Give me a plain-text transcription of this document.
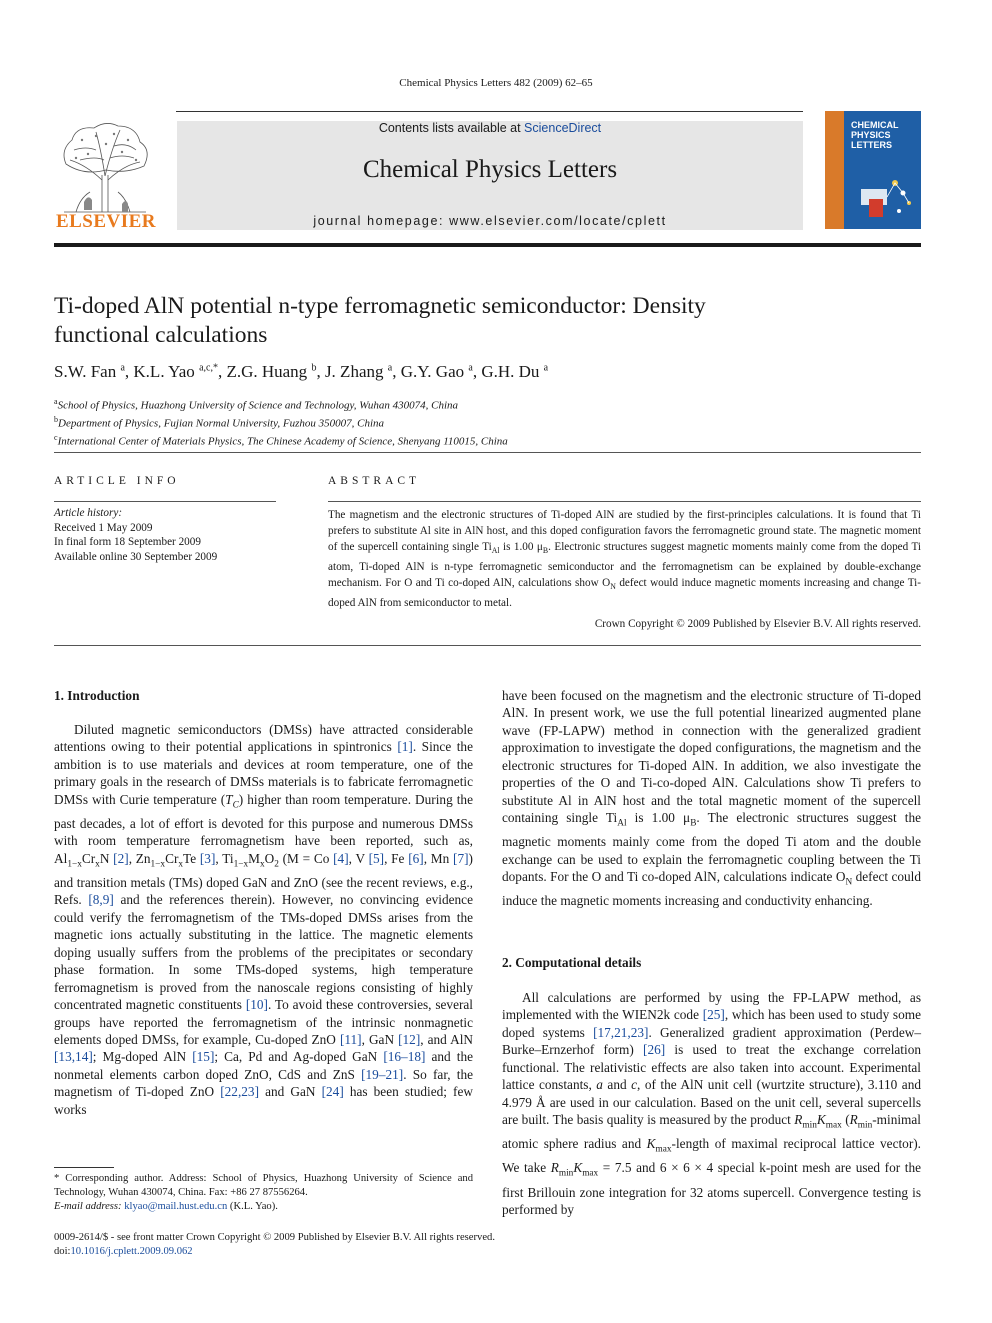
Chemical Physics Letters 482 (2009) 62–65
ELSEVIER
Contents lists available at ScienceDirect
Chemical Physics Letters
journal homepage: www.elsevier.com/locate/cplett
CHEMICAL
PHYSICS
LETTERS
Ti-doped AlN potential n-type ferromagnetic semiconductor: Density
functional calculations
S.W. Fan $^a$, K.L. Yao $^{a,c,*}$, Z.G. Huang $^b$, J. Zhang $^a$, G.Y. Gao $^a$, G.H. Du $^a$
$^a$School of Physics, Huazhong University of Science and Technology, Wuhan 430074, China
$^b$Department of Physics, Fujian Normal University, Fuzhou 350007, China
$^c$International Center of Materials Physics, The Chinese Academy of Science, Shenyang 110015, China
ARTICLE INFO	ABSTRACT
Article history:
Received 1 May 2009
In final form 18 September 2009
Available online 30 September 2009
The magnetism and the electronic structures of Ti-doped AlN are studied by the first-principles calculations. It is found that Ti prefers to substitute Al site in AlN host, and this doped configuration favors the ferromagnetic ground state. The magnetic moment of the supercell containing single $Ti_{Al}$ is 1.00 $\mu_B$. Electronic structures suggest magnetic moments mainly come from the doped Ti atom, Ti-doped AlN is n-type ferromagnetic semiconductor and the ferromagnetism can be explained by double-exchange mechanism. For O and Ti co-doped AlN, calculations show $O_N$ defect would induce magnetic moments increasing and change Ti-doped AlN from semiconductor to metal.
Crown Copyright © 2009 Published by Elsevier B.V. All rights reserved.
1. Introduction
Diluted magnetic semiconductors (DMSs) have attracted considerable attentions owing to their potential applications in spintronics [1]. Since the ambition is to use materials and devices at room temperature, one of the primary goals in the research of DMSs materials is to fabricate ferromagnetic DMSs with Curie temperature $(T_C)$ higher than room temperature. During the past decades, a lot of effort is devoted for this purpose and numerous DMSs with room temperature ferromagnetism have been reported, such as, $Al_{1-x}Cr_xN$ [2], $Zn_{1-x}Cr_xTe$ [3], $Ti_{1-x}M_xO_2$ (M = Co [4], V [5], Fe [6], Mn [7]) and transition metals (TMs) doped GaN and ZnO (see the recent reviews, e.g., Refs. [8,9] and the references therein). However, no convincing evidence could verify the ferromagnetism of the TMs-doped DMSs arises from the magnetic ions actually substituting in the lattice. The magnetic elements doping usually suffers from the problems of the precipitates or secondary phase formation. In some TMs-doped systems, high temperature ferromagnetism is proved from the nanoscale regions consisting of highly concentrated magnetic constituents [10]. To avoid these controversies, several groups have reported the ferromagnetism of the intrinsic nonmagnetic elements doped DMSs, for example, Cu-doped ZnO [11], GaN [12], and AlN [13,14]; Mg-doped AlN [15]; Ca, Pd and Ag-doped GaN [16–18] and the nonmetal elements carbon doped ZnO, CdS and ZnS [19–21]. So far, the magnetism of Ti-doped ZnO [22,23] and GaN [24] has been studied; few works
have been focused on the magnetism and the electronic structure of Ti-doped AlN. In present work, we use the full potential linearized augmented plane wave (FP-LAPW) method in connection with the generalized gradient approximation to investigate the doped configurations, the magnetism and the electronic structures for Ti-doped AlN. In addition, we also investigate the properties of the O and Ti-co-doped AlN. Calculations show Ti prefers to substitute Al in AlN host and the total magnetic moment of the supercell containing single $Ti_{Al}$ is 1.00 $\mu_B$. The electronic structures suggest the magnetic moments mainly come from the doped Ti atom and the double exchange can be used to explain the ferromagnetic coupling between the Ti dopants. For the O and Ti co-doped AlN, calculations indicate $O_N$ defect could induce the magnetic moments increasing and conductivity enhancing.
2. Computational details
All calculations are performed by using the FP-LAPW method, as implemented with the WIEN2k code [25], which has been used to study some doped systems [17,21,23]. Generalized gradient approximation (Perdew–Burke–Ernzerhof form) [26] is used to treat the exchange correlation functional. The relativistic effects are also taken into account. Experimental lattice constants, a and c, of the AlN unit cell (wurtzite structure), 3.110 and 4.979 Å are used in our calculation. Based on the unit cell, several supercells are built. The basis quality is measured by the product $R_{min}K_{max}$ ($R_{min}$-minimal atomic sphere radius and $K_{max}$-length of maximal reciprocal lattice vector). We take $R_{min}K_{max} = 7.5$ and 6 × 6 × 4 special k-point mesh are used for the first Brillouin zone integration for 32 atoms supercell. Convergence testing is performed by
* Corresponding author. Address: School of Physics, Huazhong University of Science and Technology, Wuhan 430074, China. Fax: +86 27 87556264.
E-mail address: klyao@mail.hust.edu.cn (K.L. Yao).
0009-2614/$ - see front matter Crown Copyright © 2009 Published by Elsevier B.V. All rights reserved.
doi:10.1016/j.cplett.2009.09.062
